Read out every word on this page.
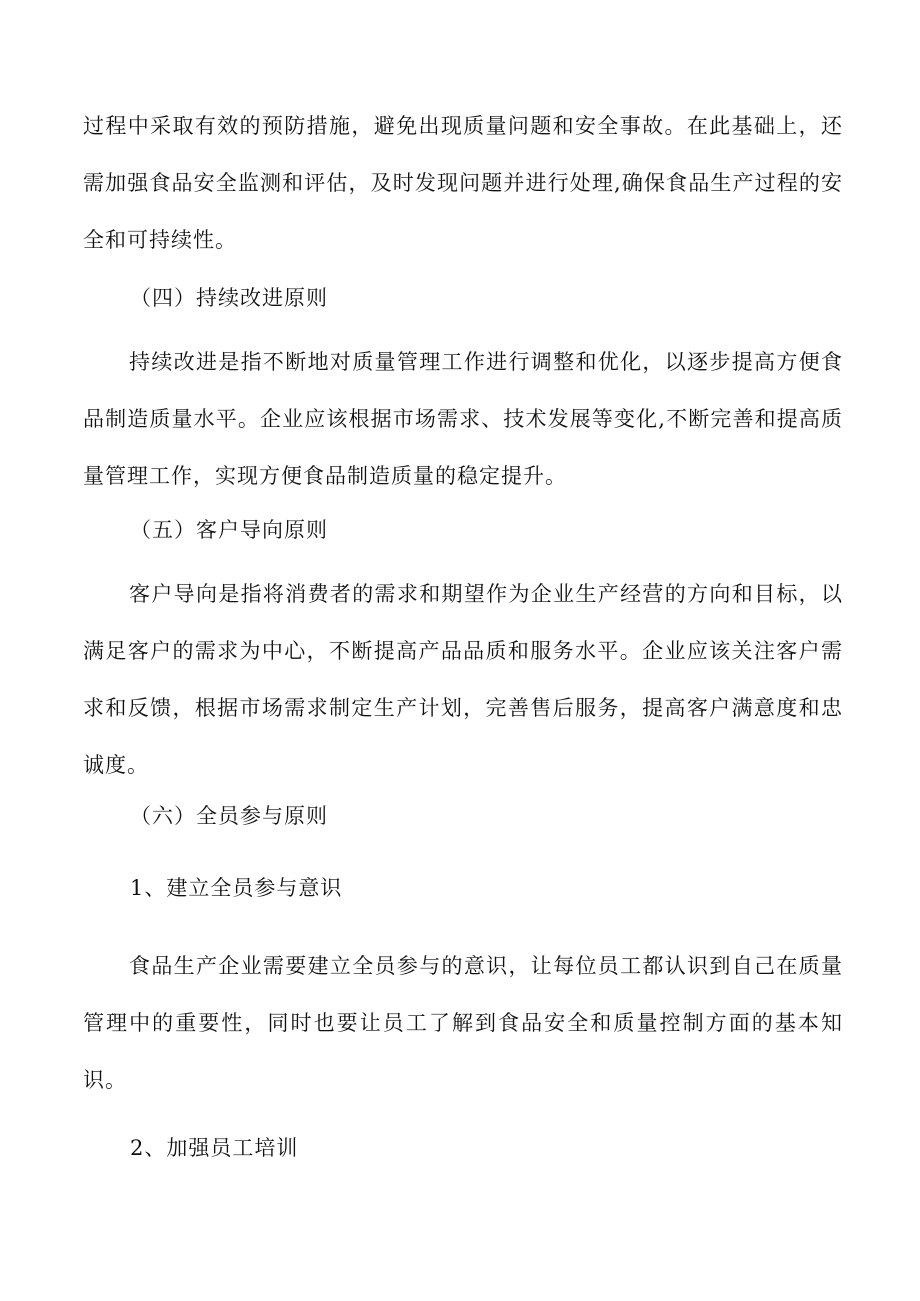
过程中采取有效的预防措施，避免出现质量问题和安全事故。在此基础上，还需加强食品安全监测和评估，及时发现问题并进行处理,确保食品生产过程的安全和可持续性。

（四）持续改进原则

持续改进是指不断地对质量管理工作进行调整和优化，以逐步提高方便食品制造质量水平。企业应该根据市场需求、技术发展等变化,不断完善和提高质量管理工作，实现方便食品制造质量的稳定提升。

（五）客户导向原则

客户导向是指将消费者的需求和期望作为企业生产经营的方向和目标，以满足客户的需求为中心，不断提高产品品质和服务水平。企业应该关注客户需求和反馈，根据市场需求制定生产计划，完善售后服务，提高客户满意度和忠诚度。

（六）全员参与原则

1、建立全员参与意识

食品生产企业需要建立全员参与的意识，让每位员工都认识到自己在质量管理中的重要性，同时也要让员工了解到食品安全和质量控制方面的基本知识。

2、加强员工培训
